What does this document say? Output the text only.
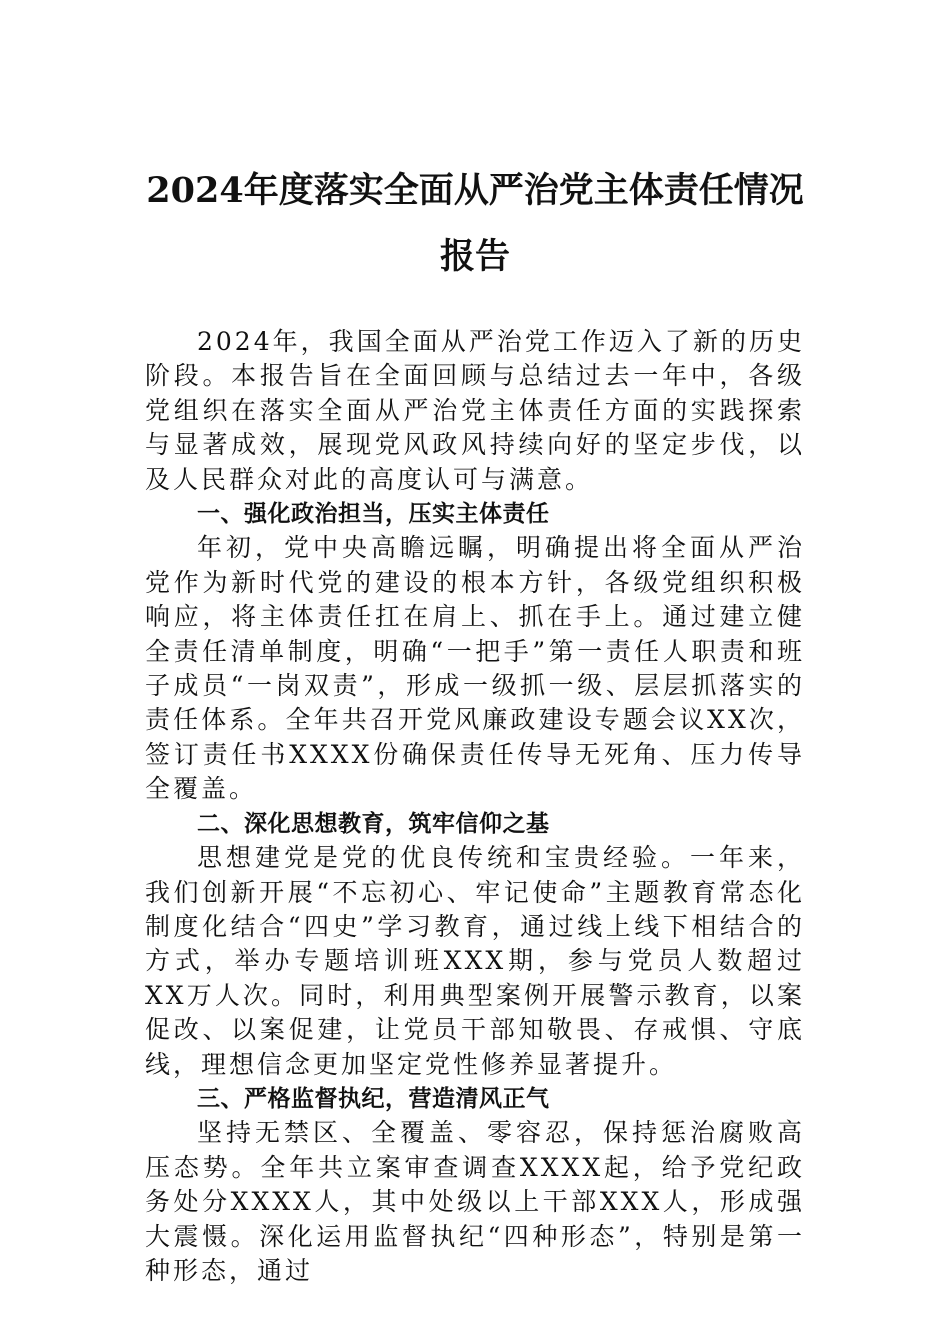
2024年度落实全面从严治党主体责任情况
报告

2024年，我国全面从严治党工作迈入了新的历史阶段。本报告旨在全面回顾与总结过去一年中，各级党组织在落实全面从严治党主体责任方面的实践探索与显著成效，展现党风政风持续向好的坚定步伐，以及人民群众对此的高度认可与满意。

一、强化政治担当，压实主体责任

年初，党中央高瞻远瞩，明确提出将全面从严治党作为新时代党的建设的根本方针，各级党组织积极响应，将主体责任扛在肩上、抓在手上。通过建立健全责任清单制度，明确“一把手”第一责任人职责和班子成员“一岗双责”，形成一级抓一级、层层抓落实的责任体系。全年共召开党风廉政建设专题会议XX次，签订责任书XXXX份确保责任传导无死角、压力传导全覆盖。

二、深化思想教育，筑牢信仰之基

思想建党是党的优良传统和宝贵经验。一年来，我们创新开展“不忘初心、牢记使命”主题教育常态化制度化结合“四史”学习教育，通过线上线下相结合的方式，举办专题培训班XXX期，参与党员人数超过XX万人次。同时，利用典型案例开展警示教育，以案促改、以案促建，让党员干部知敬畏、存戒惧、守底线，理想信念更加坚定党性修养显著提升。

三、严格监督执纪，营造清风正气

坚持无禁区、全覆盖、零容忍，保持惩治腐败高压态势。全年共立案审查调查XXXX起，给予党纪政务处分XXXX人，其中处级以上干部XXX人，形成强大震慑。深化运用监督执纪“四种形态”，特别是第一种形态，通过
